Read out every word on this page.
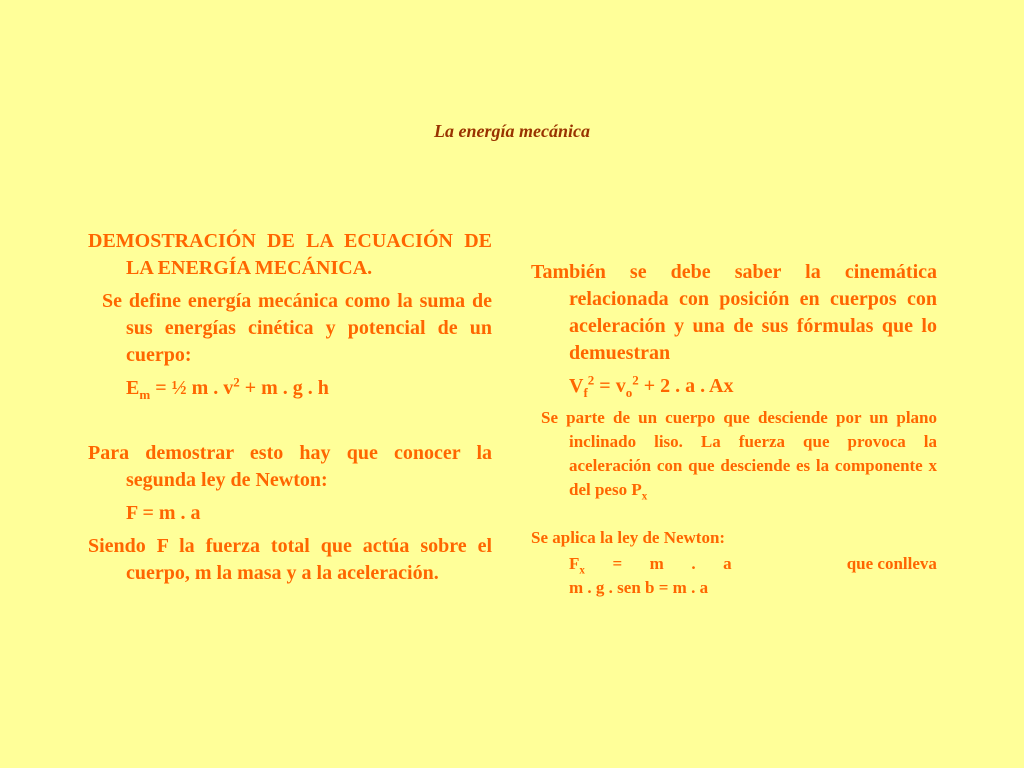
La energía mecánica

DEMOSTRACIÓN DE LA ECUACIÓN DE LA ENERGÍA MECÁNICA.

Se define energía mecánica como la suma de sus energías cinética y potencial de un cuerpo:

$E_m$ = ½ m . $v^2 + m$ . g . h

Para demostrar esto hay que conocer la segunda ley de Newton:

F = m . a

Siendo F la fuerza total que actúa sobre el cuerpo, m la masa y a la aceleración.

También se debe saber la cinemática relacionada con posición en cuerpos con aceleración y una de sus fórmulas que lo demuestran

$V_f^2 = v_o^2 + 2$ . a . Ax

Se parte de un cuerpo que desciende por un plano inclinado liso. La fuerza que provoca la aceleración con que desciende es la componente x del peso $P_x$

Se aplica la ley de Newton:

$F_x = m$ . a	que conlleva

m . g . sen b = m . a
